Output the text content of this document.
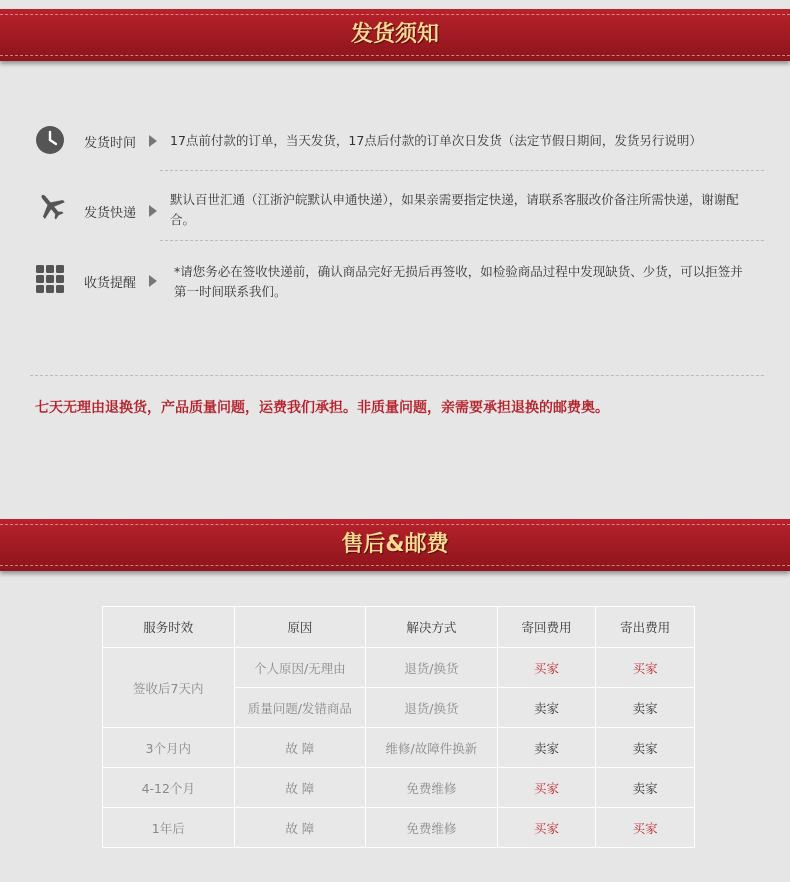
发货须知
发货时间	17点前付款的订单，当天发货，17点后付款的订单次日发货（法定节假日期间，发货另行说明）
发货快递
默认百世汇通（江浙沪皖默认申通快递），如果亲需要指定快递，请联系客服改价备注所需快递，谢谢配合。
收货提醒
*请您务必在签收快递前，确认商品完好无损后再签收，如检验商品过程中发现缺货、少货，可以拒签并第一时间联系我们。
七天无理由退换货，产品质量问题，运费我们承担。非质量问题，亲需要承担退换的邮费奥。
售后&邮费
服务时效	原因	解决方式	寄回费用	寄出费用
签收后7天内	个人原因/无理由	退货/换货	买家	买家
	质量问题/发错商品	退货/换货	卖家	卖家
3个月内	故 障	维修/故障件换新	卖家	卖家
4-12个月	故 障	免费维修	买家	卖家
1年后	故 障	免费维修	买家	买家
